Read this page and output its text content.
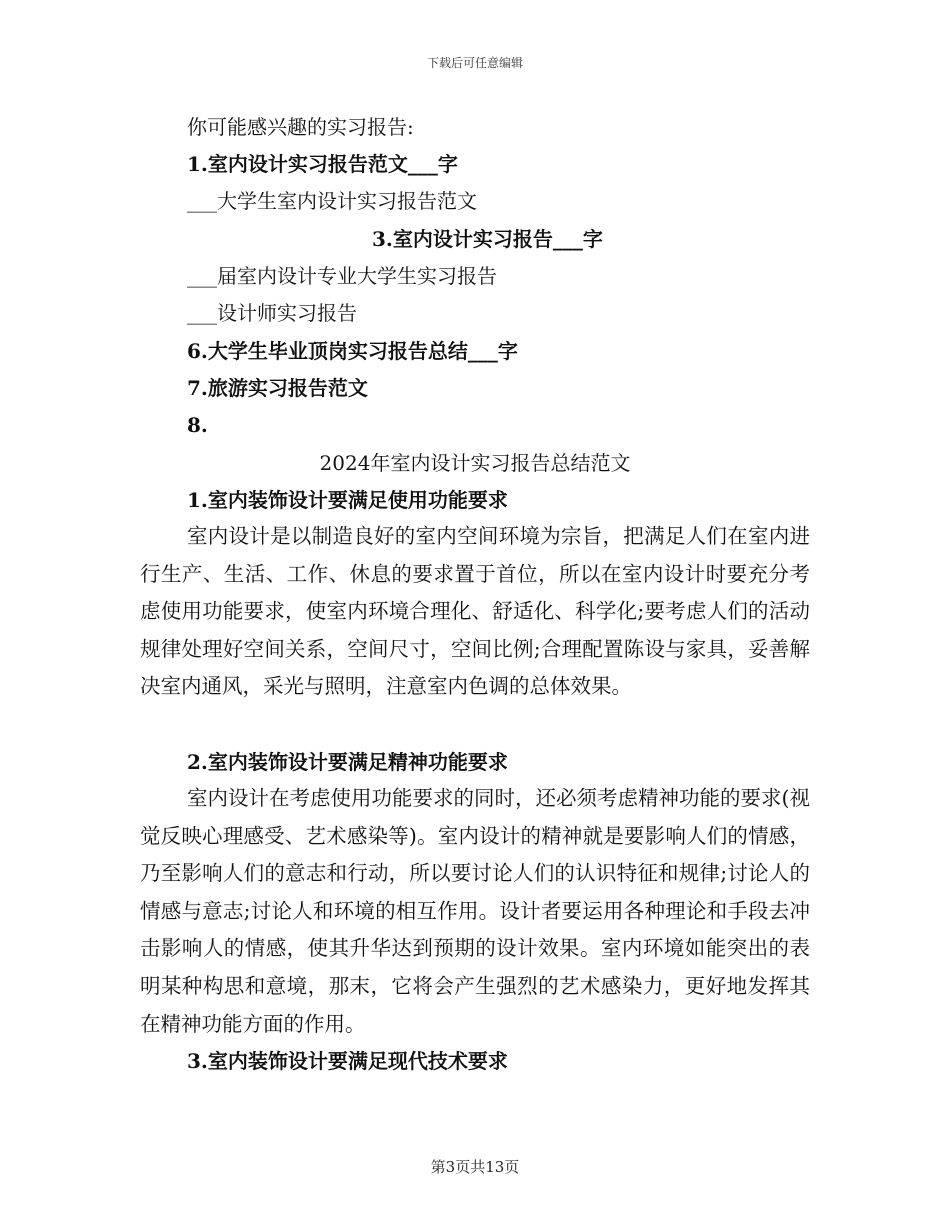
下载后可任意编辑
你可能感兴趣的实习报告:
1.室内设计实习报告范文___字
___大学生室内设计实习报告范文
3.室内设计实习报告___字
___届室内设计专业大学生实习报告
___设计师实习报告
6.大学生毕业顶岗实习报告总结___字
7.旅游实习报告范文
8.
2024年室内设计实习报告总结范文
1.室内装饰设计要满足使用功能要求

室内设计是以制造良好的室内空间环境为宗旨，把满足人们在室内进行生产、生活、工作、休息的要求置于首位，所以在室内设计时要充分考虑使用功能要求，使室内环境合理化、舒适化、科学化;要考虑人们的活动规律处理好空间关系，空间尺寸，空间比例;合理配置陈设与家具，妥善解决室内通风，采光与照明，注意室内色调的总体效果。

2.室内装饰设计要满足精神功能要求

室内设计在考虑使用功能要求的同时，还必须考虑精神功能的要求(视觉反映心理感受、艺术感染等)。室内设计的精神就是要影响人们的情感，乃至影响人们的意志和行动，所以要讨论人们的认识特征和规律;讨论人的情感与意志;讨论人和环境的相互作用。设计者要运用各种理论和手段去冲击影响人的情感，使其升华达到预期的设计效果。室内环境如能突出的表明某种构思和意境，那末，它将会产生强烈的艺术感染力，更好地发挥其在精神功能方面的作用。

3.室内装饰设计要满足现代技术要求
第3页共13页
